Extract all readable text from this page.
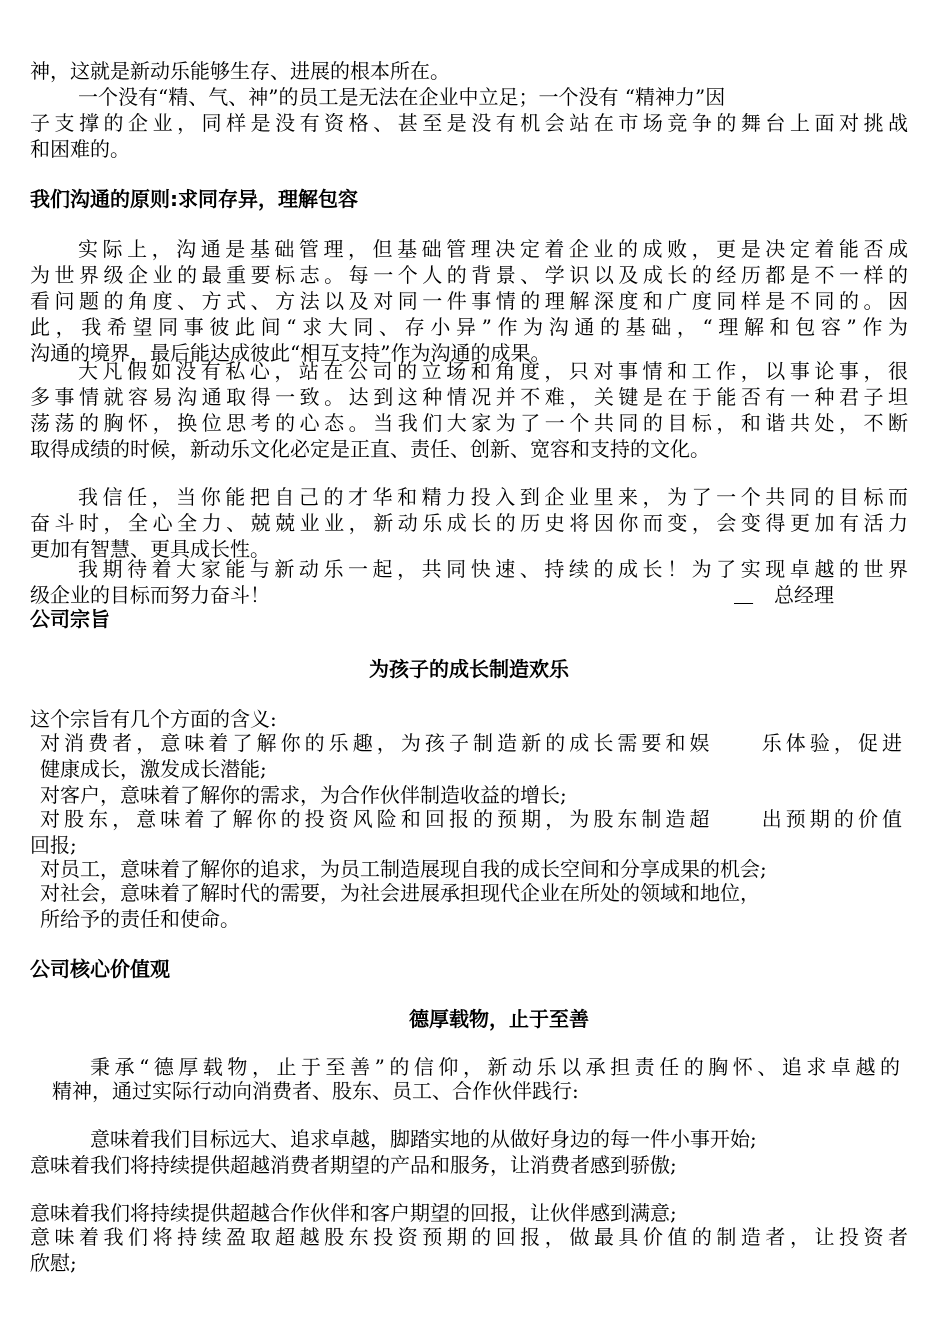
神，这就是新动乐能够生存、进展的根本所在。
一个没有“精、气、神”的员工是无法在企业中立足；一个没有 “精神力”因
子支撑的企业，同样是没有资格、甚至是没有机会站在市场竞争的舞台上面对挑战
和困难的。
我们沟通的原则:求同存异，理解包容
实际上，沟通是基础管理，但基础管理决定着企业的成败，更是决定着能否成
为世界级企业的最重要标志。每一个人的背景、学识以及成长的经历都是不一样的
看问题的角度、方式、方法以及对同一件事情的理解深度和广度同样是不同的。因
此，我希望同事彼此间“求大同、存小异”作为沟通的基础，“理解和包容”作为
沟通的境界，最后能达成彼此“相互支持”作为沟通的成果。
大凡假如没有私心，站在公司的立场和角度，只对事情和工作，以事论事，很
多事情就容易沟通取得一致。达到这种情况并不难，关键是在于能否有一种君子坦
荡荡的胸怀，换位思考的心态。当我们大家为了一个共同的目标，和谐共处，不断
取得成绩的时候，新动乐文化必定是正直、责任、创新、宽容和支持的文化。
我信任，当你能把自己的才华和精力投入到企业里来，为了一个共同的目标而
奋斗时，全心全力、兢兢业业，新动乐成长的历史将因你而变，会变得更加有活力
更加有智慧、更具成长性。
我期待着大家能与新动乐一起，共同快速、持续的成长！为了实现卓越的世界
级企业的目标而努力奋斗！	总经理
公司宗旨
为孩子的成长制造欢乐
这个宗旨有几个方面的含义:
对消费者，意味着了解你的乐趣，为孩子制造新的成长需要和娱　　乐体验，促进
健康成长，激发成长潜能;
对客户，意味着了解你的需求，为合作伙伴制造收益的增长;
对股东，意味着了解你的投资风险和回报的预期，为股东制造超　　出预期的价值
回报;
对员工，意味着了解你的追求，为员工制造展现自我的成长空间和分享成果的机会;
对社会，意味着了解时代的需要，为社会进展承担现代企业在所处的领域和地位，
所给予的责任和使命。
公司核心价值观
德厚载物，止于至善
秉承“德厚载物，止于至善”的信仰，新动乐以承担责任的胸怀、追求卓越的
精神，通过实际行动向消费者、股东、员工、合作伙伴践行:
意味着我们目标远大、追求卓越，脚踏实地的从做好身边的每一件小事开始;
意味着我们将持续提供超越消费者期望的产品和服务，让消费者感到骄傲;
意味着我们将持续提供超越合作伙伴和客户期望的回报，让伙伴感到满意;
意味着我们将持续盈取超越股东投资预期的回报，做最具价值的制造者，让投资者
欣慰;
